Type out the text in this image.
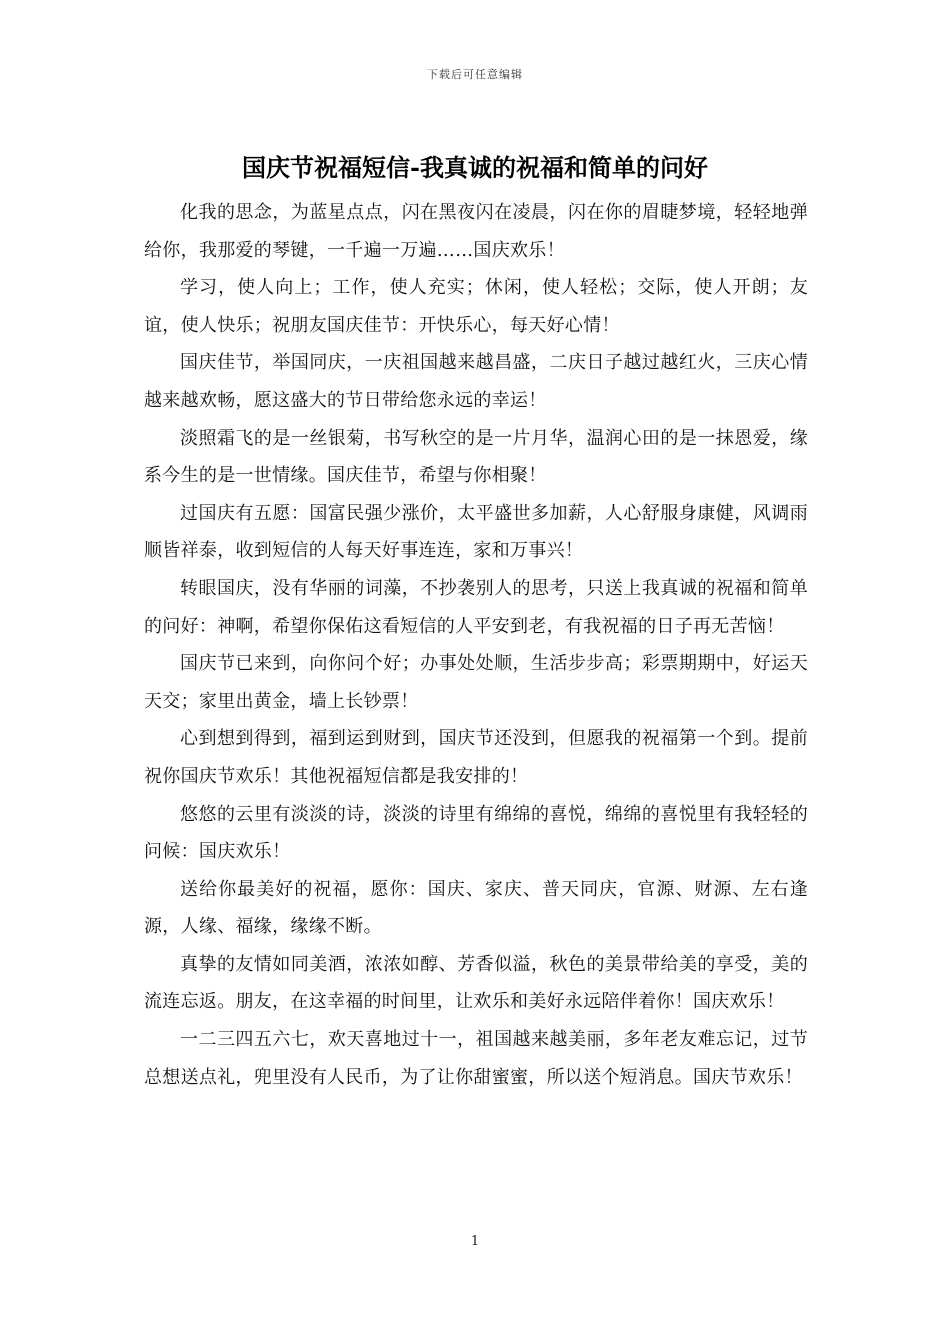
下载后可任意编辑
国庆节祝福短信-我真诚的祝福和简单的问好

化我的思念，为蓝星点点，闪在黑夜闪在凌晨，闪在你的眉睫梦境，轻轻地弹给你，我那爱的琴键，一千遍一万遍……国庆欢乐！

学习，使人向上；工作，使人充实；休闲，使人轻松；交际，使人开朗；友谊，使人快乐；祝朋友国庆佳节：开快乐心，每天好心情！

国庆佳节，举国同庆，一庆祖国越来越昌盛，二庆日子越过越红火，三庆心情越来越欢畅，愿这盛大的节日带给您永远的幸运！

淡照霜飞的是一丝银菊，书写秋空的是一片月华，温润心田的是一抹恩爱，缘系今生的是一世情缘。国庆佳节，希望与你相聚！

过国庆有五愿：国富民强少涨价，太平盛世多加薪，人心舒服身康健，风调雨顺皆祥泰，收到短信的人每天好事连连，家和万事兴！

转眼国庆，没有华丽的词藻，不抄袭别人的思考，只送上我真诚的祝福和简单的问好：神啊，希望你保佑这看短信的人平安到老，有我祝福的日子再无苦恼！

国庆节已来到，向你问个好；办事处处顺，生活步步高；彩票期期中，好运天天交；家里出黄金，墙上长钞票！

心到想到得到，福到运到财到，国庆节还没到，但愿我的祝福第一个到。提前祝你国庆节欢乐！其他祝福短信都是我安排的！

悠悠的云里有淡淡的诗，淡淡的诗里有绵绵的喜悦，绵绵的喜悦里有我轻轻的问候：国庆欢乐！

送给你最美好的祝福，愿你：国庆、家庆、普天同庆，官源、财源、左右逢源，人缘、福缘，缘缘不断。

真挚的友情如同美酒，浓浓如醇、芳香似溢，秋色的美景带给美的享受，美的流连忘返。朋友，在这幸福的时间里，让欢乐和美好永远陪伴着你！国庆欢乐！

一二三四五六七，欢天喜地过十一，祖国越来越美丽，多年老友难忘记，过节总想送点礼，兜里没有人民币，为了让你甜蜜蜜，所以送个短消息。国庆节欢乐！

1
